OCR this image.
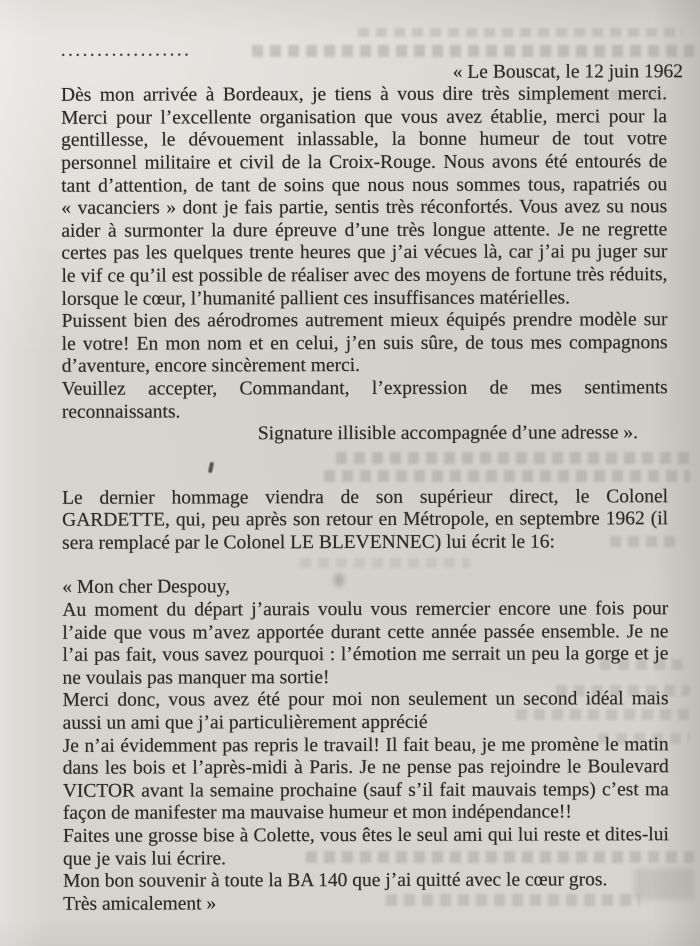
..................
« Le Bouscat, le 12 juin 1962
Dès mon arrivée à Bordeaux, je tiens à vous dire très simplement merci.
Merci pour l’excellente organisation que vous avez établie, merci pour la
gentillesse, le dévouement inlassable, la bonne humeur de tout votre
personnel militaire et civil de la Croix-Rouge. Nous avons été entourés de
tant d’attention, de tant de soins que nous nous sommes tous, rapatriés ou
« vacanciers » dont je fais partie, sentis très réconfortés. Vous avez su nous
aider à surmonter la dure épreuve d’une très longue attente. Je ne regrette
certes pas les quelques trente heures que j’ai vécues là, car j’ai pu juger sur
le vif ce qu’il est possible de réaliser avec des moyens de fortune très réduits,
lorsque le cœur, l’humanité pallient ces insuffisances matérielles.
Puissent bien des aérodromes autrement mieux équipés prendre modèle sur
le votre! En mon nom et en celui, j’en suis sûre, de tous mes compagnons
d’aventure, encore sincèrement merci.
Veuillez accepter, Commandant, l’expression de mes sentiments
reconnaissants.
Signature illisible accompagnée d’une adresse ».
Le dernier hommage viendra de son supérieur direct, le Colonel
GARDETTE, qui, peu après son retour en Métropole, en septembre 1962 (il
sera remplacé par le Colonel LE BLEVENNEC) lui écrit le 16:
« Mon cher Despouy,
Au moment du départ j’aurais voulu vous remercier encore une fois pour
l’aide que vous m’avez apportée durant cette année passée ensemble. Je ne
l’ai pas fait, vous savez pourquoi : l’émotion me serrait un peu la gorge et je
ne voulais pas manquer ma sortie!
Merci donc, vous avez été pour moi non seulement un second idéal mais
aussi un ami que j’ai particulièrement apprécié
Je n’ai évidemment pas repris le travail! Il fait beau, je me promène le matin
dans les bois et l’après-midi à Paris. Je ne pense pas rejoindre le Boulevard
VICTOR avant la semaine prochaine (sauf s’il fait mauvais temps) c’est ma
façon de manifester ma mauvaise humeur et mon indépendance!!
Faites une grosse bise à Colette, vous êtes le seul ami qui lui reste et dites-lui
que je vais lui écrire.
Mon bon souvenir à toute la BA 140 que j’ai quitté avec le cœur gros.
Très amicalement »
